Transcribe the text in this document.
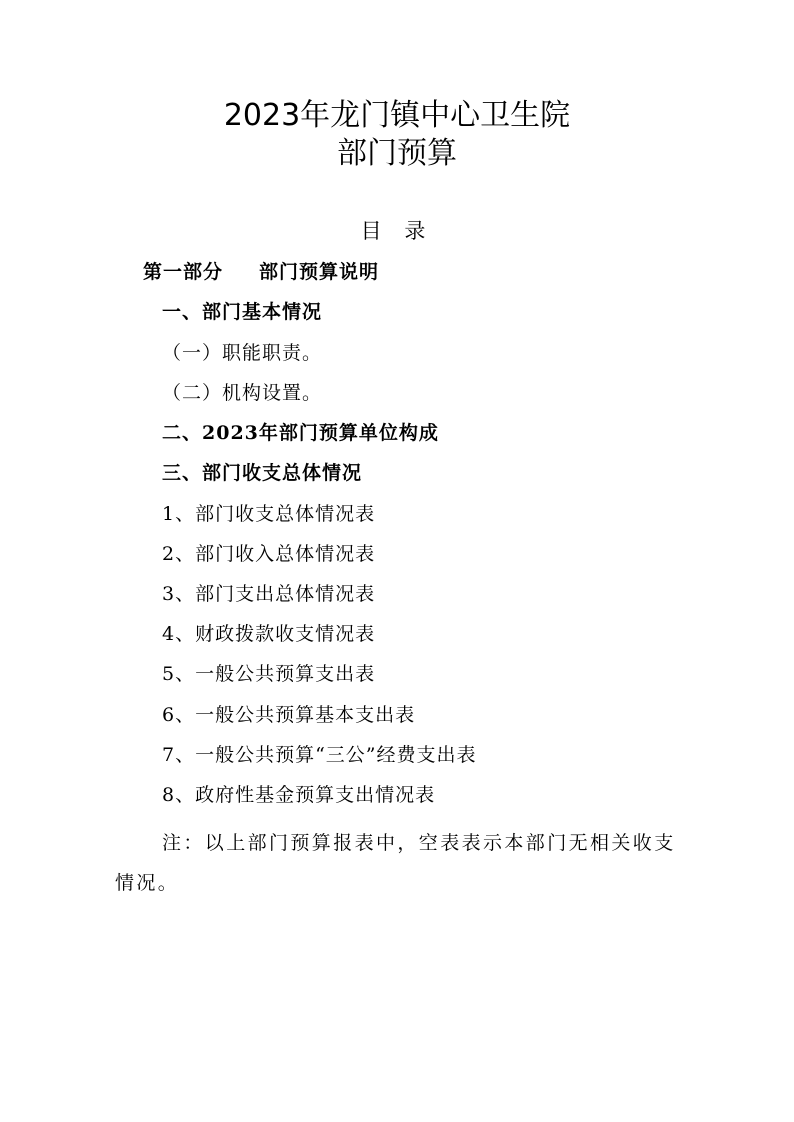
2023年龙门镇中心卫生院
部门预算
目 录
第一部分 部门预算说明
一、部门基本情况
（一）职能职责。
（二）机构设置。
二、2023年部门预算单位构成
三、部门收支总体情况
1、部门收支总体情况表
2、部门收入总体情况表
3、部门支出总体情况表
4、财政拨款收支情况表
5、一般公共预算支出表
6、一般公共预算基本支出表
7、一般公共预算“三公”经费支出表
8、政府性基金预算支出情况表
注：以上部门预算报表中，空表表示本部门无相关收支情况。
